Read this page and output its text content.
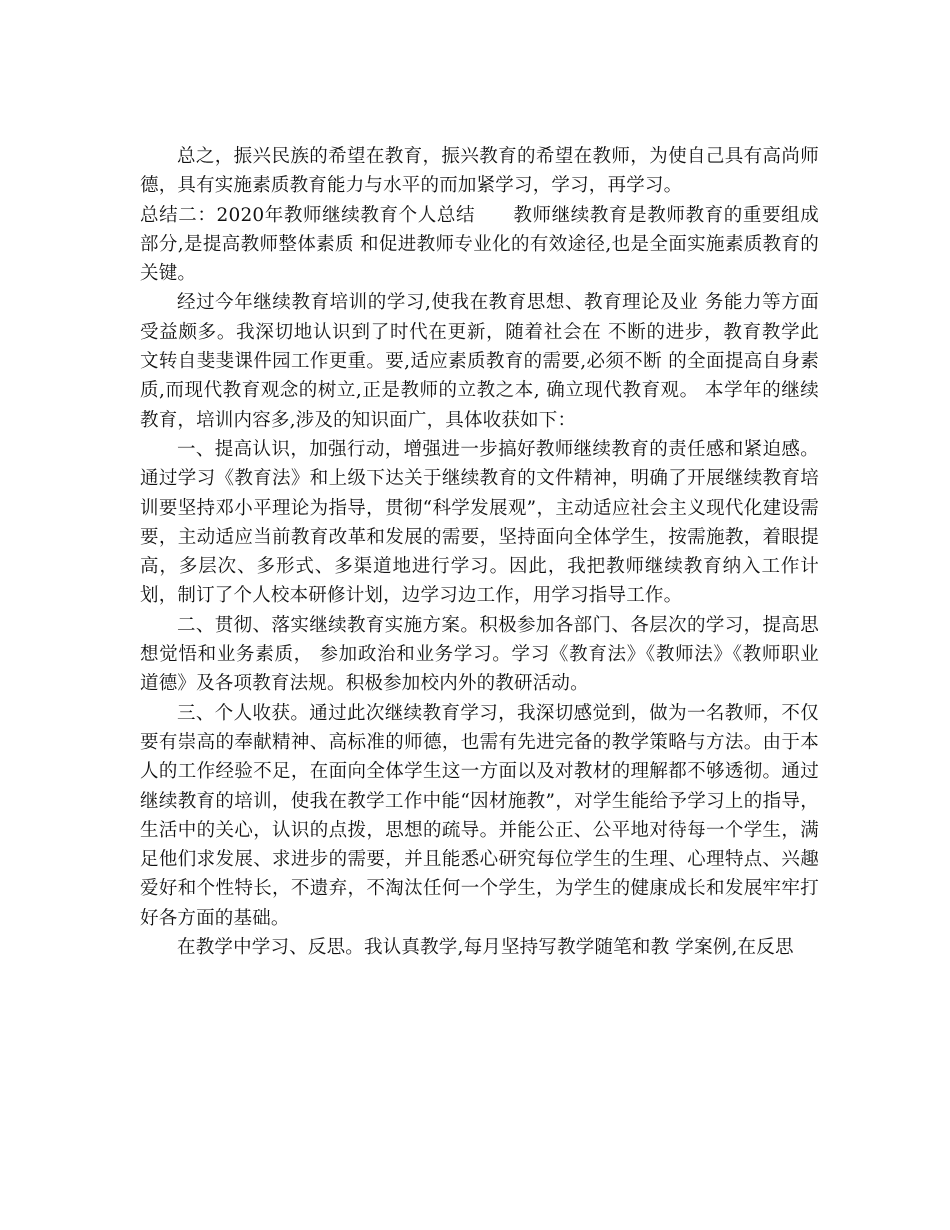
总之，振兴民族的希望在教育，振兴教育的希望在教师，为使自己具有高尚师德，具有实施素质教育能力与水平的而加紧学习，学习，再学习。

总结二：2020年教师继续教育个人总结　　教师继续教育是教师教育的重要组成部分,是提高教师整体素质 和促进教师专业化的有效途径,也是全面实施素质教育的关键。

经过今年继续教育培训的学习,使我在教育思想、教育理论及业 务能力等方面受益颇多。我深切地认识到了时代在更新，随着社会在 不断的进步，教育教学此文转自斐斐课件园工作更重。要,适应素质教育的需要,必须不断 的全面提高自身素质,而现代教育观念的树立,正是教师的立教之本, 确立现代教育观。 本学年的继续教育，培训内容多,涉及的知识面广，具体收获如下：

一、提高认识，加强行动，增强进一步搞好教师继续教育的责任感和紧迫感。通过学习《教育法》和上级下达关于继续教育的文件精神，明确了开展继续教育培训要坚持邓小平理论为指导，贯彻“科学发展观”，主动适应社会主义现代化建设需要，主动适应当前教育改革和发展的需要，坚持面向全体学生，按需施教，着眼提高，多层次、多形式、多渠道地进行学习。因此，我把教师继续教育纳入工作计划，制订了个人校本研修计划，边学习边工作，用学习指导工作。

二、贯彻、落实继续教育实施方案。积极参加各部门、各层次的学习，提高思想觉悟和业务素质， 参加政治和业务学习。学习《教育法》《教师法》《教师职业道德》及各项教育法规。积极参加校内外的教研活动。

三、个人收获。通过此次继续教育学习，我深切感觉到，做为一名教师，不仅要有崇高的奉献精神、高标准的师德，也需有先进完备的教学策略与方法。由于本人的工作经验不足，在面向全体学生这一方面以及对教材的理解都不够透彻。通过继续教育的培训，使我在教学工作中能“因材施教”，对学生能给予学习上的指导，生活中的关心，认识的点拨，思想的疏导。并能公正、公平地对待每一个学生，满足他们求发展、求进步的需要，并且能悉心研究每位学生的生理、心理特点、兴趣爱好和个性特长，不遗弃，不淘汰任何一个学生，为学生的健康成长和发展牢牢打好各方面的基础。

在教学中学习、反思。我认真教学,每月坚持写教学随笔和教 学案例,在反思
